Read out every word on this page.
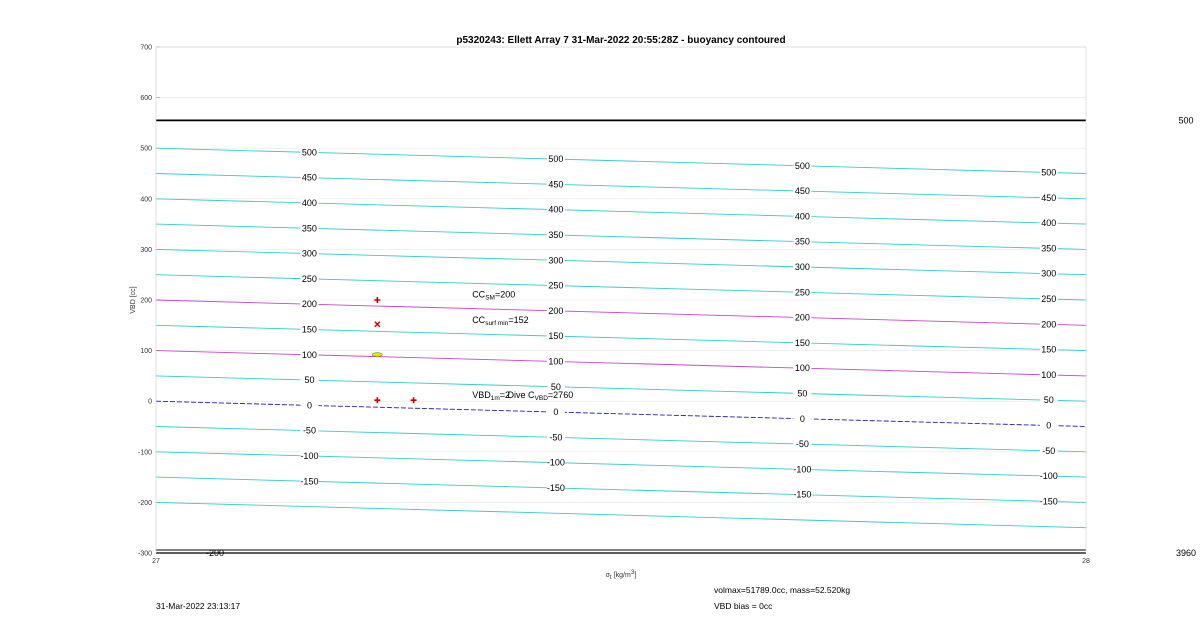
500
3960
500
450
400
350
300
250
200
150
100
50
0
-50
-100
-150
500
450
400
350
300
250
200
150
100
50
0
-50
-100
-150
500
450
400
350
300
250
200
150
100
50
0
-50
-100
-150
500
450
400
350
300
250
200
150
100
50
0
-50
-100
-150
-200
$CC_{SM}=200$
$CC_{surf min}=152$
$VBD_{1m}=2$
Dive $C_{VBD}=2760$
-300
-200
-100
0
100
200
300
400
500
600
700
27	28
p5320243: Ellett Array 7 31-Mar-2022 20:55:28Z - buoyancy contoured
VBD [cc]
σt [kg/m3]
31-Mar-2022 23:13:17
volmax=51789.0cc, mass=52.520kg
VBD bias = 0cc
